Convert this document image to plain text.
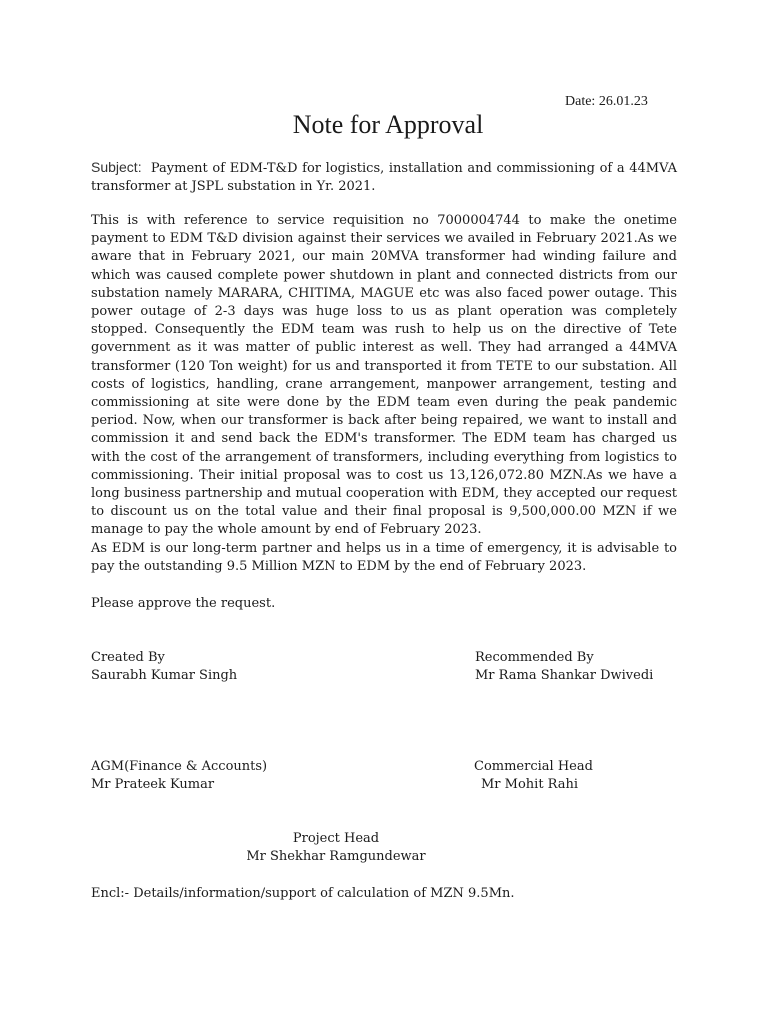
Date: 26.01.23
Note for Approval

Subject: Payment of EDM-T&D for logistics, installation and commissioning of a 44MVA transformer at JSPL substation in Yr. 2021.

This is with reference to service requisition no 7000004744 to make the onetime payment to EDM T&D division against their services we availed in February 2021.As we aware that in February 2021, our main 20MVA transformer had winding failure and which was caused complete power shutdown in plant and connected districts from our substation namely MARARA, CHITIMA, MAGUE etc was also faced power outage. This power outage of 2-3 days was huge loss to us as plant operation was completely stopped. Consequently the EDM team was rush to help us on the directive of Tete government as it was matter of public interest as well. They had arranged a 44MVA transformer (120 Ton weight) for us and transported it from TETE to our substation. All costs of logistics, handling, crane arrangement, manpower arrangement, testing and commissioning at site were done by the EDM team even during the peak pandemic period. Now, when our transformer is back after being repaired, we want to install and commission it and send back the EDM's transformer. The EDM team has charged us with the cost of the arrangement of transformers, including everything from logistics to commissioning. Their initial proposal was to cost us 13,126,072.80 MZN.As we have a long business partnership and mutual cooperation with EDM, they accepted our request to discount us on the total value and their final proposal is 9,500,000.00 MZN if we manage to pay the whole amount by end of February 2023.

As EDM is our long-term partner and helps us in a time of emergency, it is advisable to pay the outstanding 9.5 Million MZN to EDM by the end of February 2023.

Please approve the request.

Created By
Saurabh Kumar Singh
Recommended By
Mr Rama Shankar Dwivedi
AGM(Finance & Accounts)
Mr Prateek Kumar
Commercial Head
Mr Mohit Rahi
Project Head
Mr Shekhar Ramgundewar
Encl:- Details/information/support of calculation of MZN 9.5Mn.
